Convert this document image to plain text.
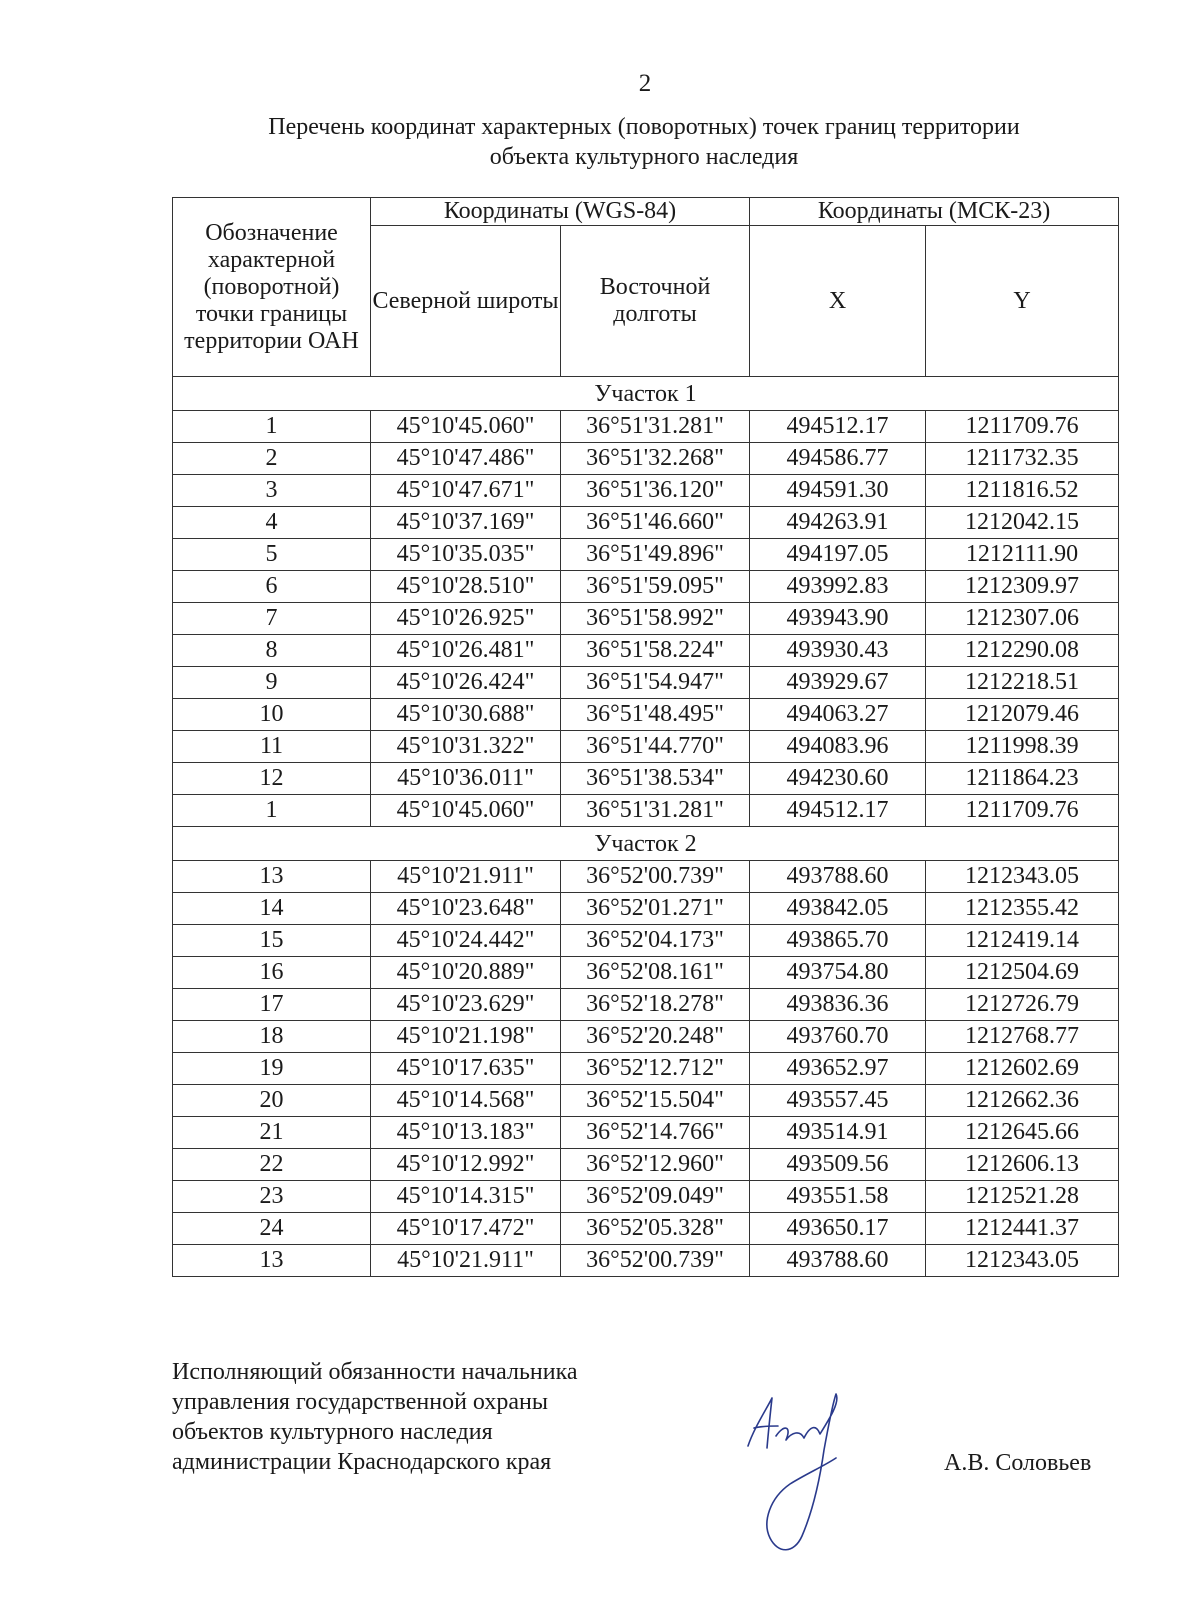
2
Перечень координат характерных (поворотных) точек границ территории
объекта культурного наследия
Обозначение характерной (поворотной) точки границы территории ОАН	Координаты (WGS-84)		Координаты (МСК-23)	
	Северной широты	Восточной долготы	X	Y
Участок 1				
1	45°10'45.060"	36°51'31.281"	494512.17	1211709.76
2	45°10'47.486"	36°51'32.268"	494586.77	1211732.35
3	45°10'47.671"	36°51'36.120"	494591.30	1211816.52
4	45°10'37.169"	36°51'46.660"	494263.91	1212042.15
5	45°10'35.035"	36°51'49.896"	494197.05	1212111.90
6	45°10'28.510"	36°51'59.095"	493992.83	1212309.97
7	45°10'26.925"	36°51'58.992"	493943.90	1212307.06
8	45°10'26.481"	36°51'58.224"	493930.43	1212290.08
9	45°10'26.424"	36°51'54.947"	493929.67	1212218.51
10	45°10'30.688"	36°51'48.495"	494063.27	1212079.46
11	45°10'31.322"	36°51'44.770"	494083.96	1211998.39
12	45°10'36.011"	36°51'38.534"	494230.60	1211864.23
1	45°10'45.060"	36°51'31.281"	494512.17	1211709.76
Участок 2				
13	45°10'21.911"	36°52'00.739"	493788.60	1212343.05
14	45°10'23.648"	36°52'01.271"	493842.05	1212355.42
15	45°10'24.442"	36°52'04.173"	493865.70	1212419.14
16	45°10'20.889"	36°52'08.161"	493754.80	1212504.69
17	45°10'23.629"	36°52'18.278"	493836.36	1212726.79
18	45°10'21.198"	36°52'20.248"	493760.70	1212768.77
19	45°10'17.635"	36°52'12.712"	493652.97	1212602.69
20	45°10'14.568"	36°52'15.504"	493557.45	1212662.36
21	45°10'13.183"	36°52'14.766"	493514.91	1212645.66
22	45°10'12.992"	36°52'12.960"	493509.56	1212606.13
23	45°10'14.315"	36°52'09.049"	493551.58	1212521.28
24	45°10'17.472"	36°52'05.328"	493650.17	1212441.37
13	45°10'21.911"	36°52'00.739"	493788.60	1212343.05
Исполняющий обязанности начальника
управления государственной охраны
объектов культурного наследия
администрации Краснодарского края	А.В. Соловьев
